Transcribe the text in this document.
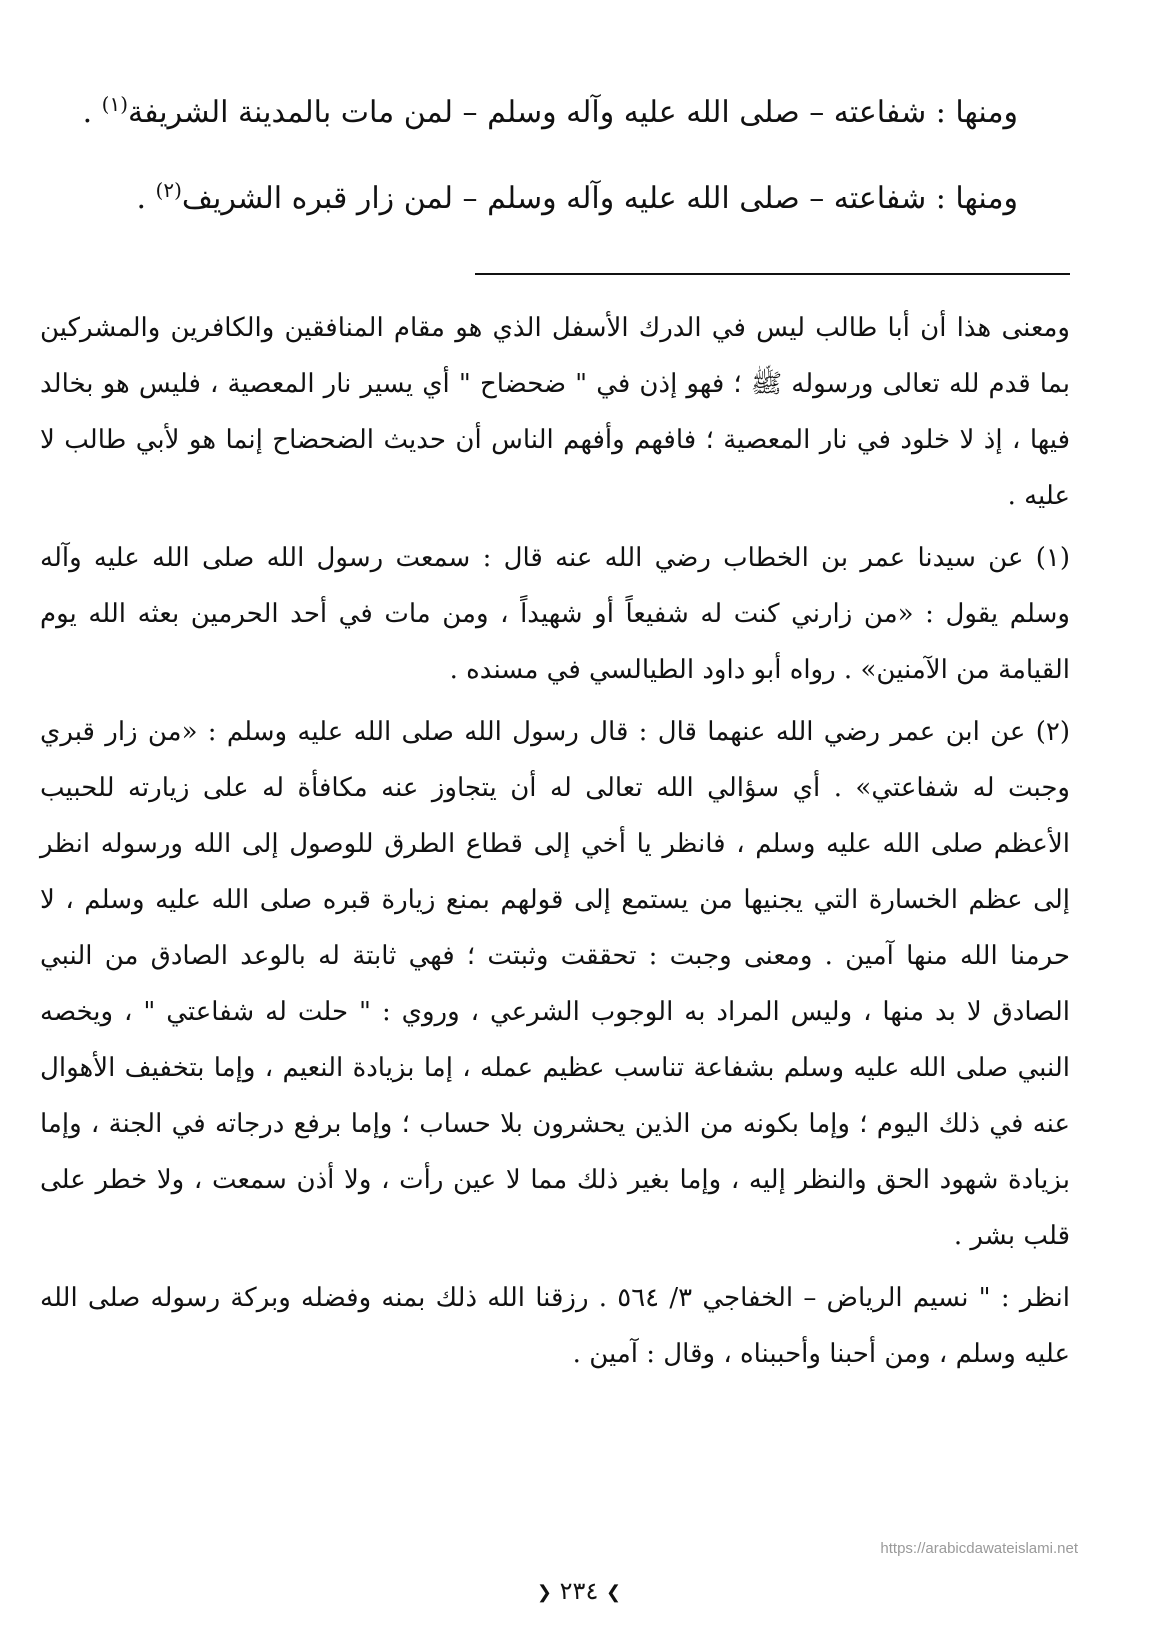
ومنها : شفاعته – صلى الله عليه وآله وسلم – لمن مات بالمدينة الشريفة$^{(١)}$ .

ومنها : شفاعته – صلى الله عليه وآله وسلم – لمن زار قبره الشريف$^{(٢)}$ .

ومعنى هذا أن أبا طالب ليس في الدرك الأسفل الذي هو مقام المنافقين والكافرين والمشركين بما قدم لله تعالى ورسوله ﷺ ؛ فهو إذن في " ضحضاح " أي يسير نار المعصية ، فليس هو بخالد فيها ، إذ لا خلود في نار المعصية ؛ فافهم وأفهم الناس أن حديث الضحضاح إنما هو لأبي طالب لا عليه .

(١) عن سيدنا عمر بن الخطاب رضي الله عنه قال : سمعت رسول الله صلى الله عليه وآله وسلم يقول : «من زارني كنت له شفيعاً أو شهيداً ، ومن مات في أحد الحرمين بعثه الله يوم القيامة من الآمنين» . رواه أبو داود الطيالسي في مسنده .

(٢) عن ابن عمر رضي الله عنهما قال : قال رسول الله صلى الله عليه وسلم : «من زار قبري وجبت له شفاعتي» . أي سؤالي الله تعالى له أن يتجاوز عنه مكافأة له على زيارته للحبيب الأعظم صلى الله عليه وسلم ، فانظر يا أخي إلى قطاع الطرق للوصول إلى الله ورسوله انظر إلى عظم الخسارة التي يجنيها من يستمع إلى قولهم بمنع زيارة قبره صلى الله عليه وسلم ، لا حرمنا الله منها آمين . ومعنى وجبت : تحققت وثبتت ؛ فهي ثابتة له بالوعد الصادق من النبي الصادق لا بد منها ، وليس المراد به الوجوب الشرعي ، وروي : " حلت له شفاعتي " ، ويخصه النبي صلى الله عليه وسلم بشفاعة تناسب عظيم عمله ، إما بزيادة النعيم ، وإما بتخفيف الأهوال عنه في ذلك اليوم ؛ وإما بكونه من الذين يحشرون بلا حساب ؛ وإما برفع درجاته في الجنة ، وإما بزيادة شهود الحق والنظر إليه ، وإما بغير ذلك مما لا عين رأت ، ولا أذن سمعت ، ولا خطر على قلب بشر .

انظر : " نسيم الرياض – الخفاجي ٣/ ٥٦٤ . رزقنا الله ذلك بمنه وفضله وبركة رسوله صلى الله عليه وسلم ، ومن أحبنا وأحببناه ، وقال : آمين .

https://arabicdawateislami.net
❯ ٢٣٤ ❮
